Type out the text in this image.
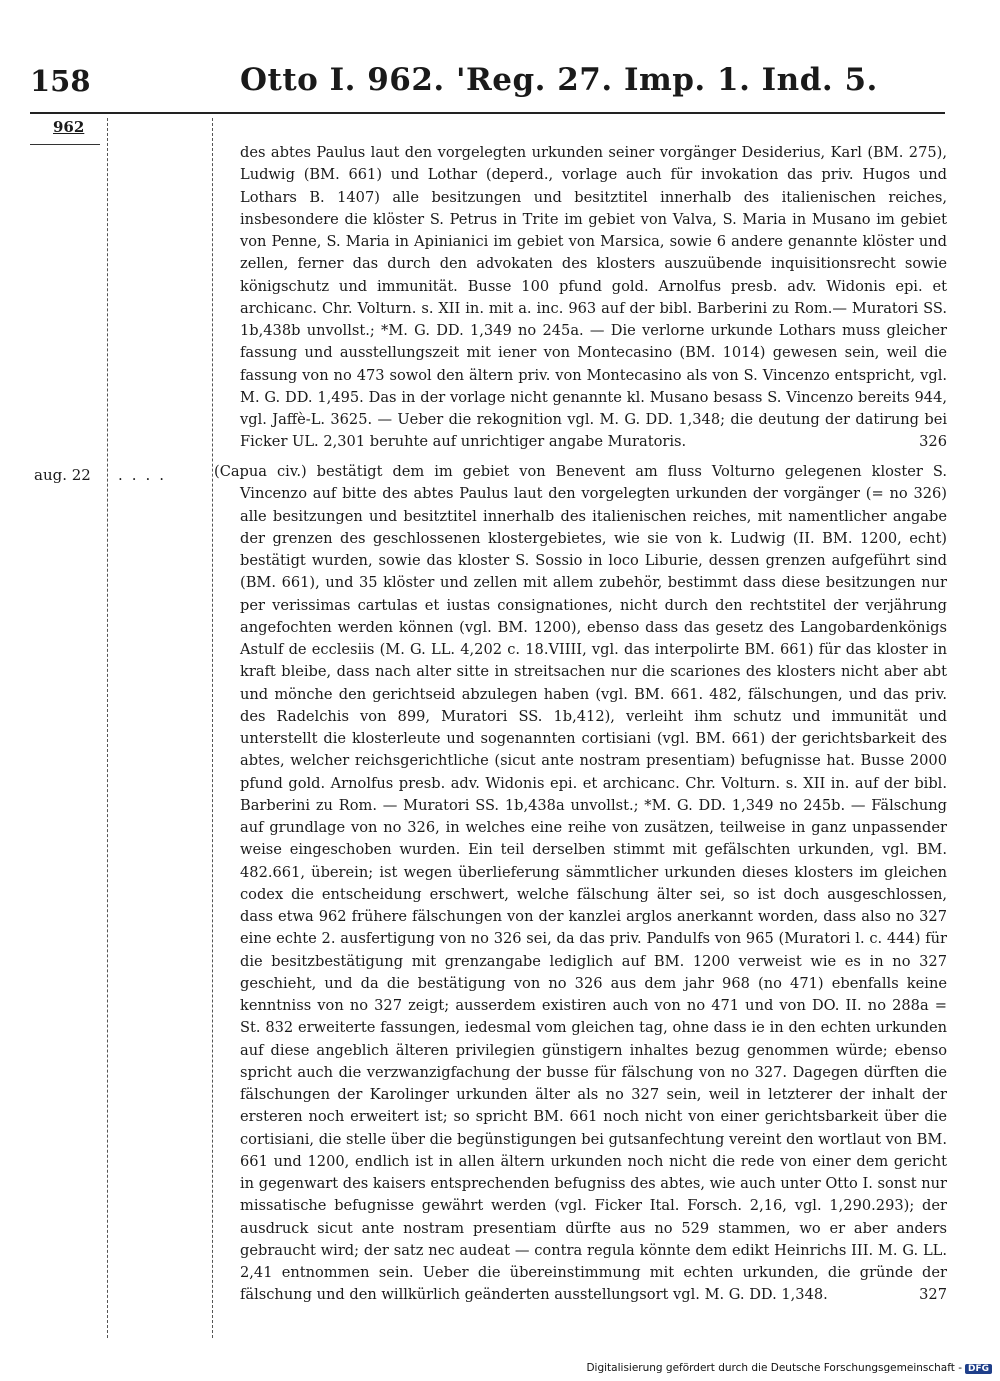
158	Otto I. 962. 'Reg. 27. Imp. 1. Ind. 5.
962
aug. 22 ....

des abtes Paulus laut den vorgelegten urkunden seiner vorgänger Desiderius, Karl (BM. 275), Ludwig (BM. 661) und Lothar (deperd., vorlage auch für invokation das priv. Hugos und Lothars B. 1407) alle besitzungen und besitztitel innerhalb des italienischen reiches, insbesondere die klöster S. Petrus in Trite im gebiet von Valva, S. Maria in Musano im gebiet von Penne, S. Maria in Apinianici im gebiet von Marsica, sowie 6 andere genannte klöster und zellen, ferner das durch den advokaten des klosters auszuübende inquisitionsrecht sowie königschutz und immunität. Busse 100 pfund gold. Arnolfus presb. adv. Widonis epi. et archicanc. Chr. Volturn. s. XII in. mit a. inc. 963 auf der bibl. Barberini zu Rom.— Muratori SS. 1b,438b unvollst.; *M. G. DD. 1,349 no 245a. — Die verlorne urkunde Lothars muss gleicher fassung und ausstellungszeit mit iener von Montecasino (BM. 1014) gewesen sein, weil die fassung von no 473 sowol den ältern priv. von Montecasino als von S. Vincenzo entspricht, vgl. M. G. DD. 1,495. Das in der vorlage nicht genannte kl. Musano besass S. Vincenzo bereits 944, vgl. Jaffè-L. 3625. — Ueber die rekognition vgl. M. G. DD. 1,348; die deutung der datirung bei Ficker UL. 2,301 beruhte auf unrichtiger angabe Muratoris.	326

(Capua civ.) bestätigt dem im gebiet von Benevent am fluss Volturno gelegenen kloster S. Vincenzo auf bitte des abtes Paulus laut den vorgelegten urkunden der vorgänger (= no 326) alle besitzungen und besitztitel innerhalb des italienischen reiches, mit namentlicher angabe der grenzen des geschlossenen klostergebietes, wie sie von k. Ludwig (II. BM. 1200, echt) bestätigt wurden, sowie das kloster S. Sossio in loco Liburie, dessen grenzen aufgeführt sind (BM. 661), und 35 klöster und zellen mit allem zubehör, bestimmt dass diese besitzungen nur per verissimas cartulas et iustas consignationes, nicht durch den rechtstitel der verjährung angefochten werden können (vgl. BM. 1200), ebenso dass das gesetz des Langobardenkönigs Astulf de ecclesiis (M. G. LL. 4,202 c. 18.VIIII, vgl. das interpolirte BM. 661) für das kloster in kraft bleibe, dass nach alter sitte in streitsachen nur die scariones des klosters nicht aber abt und mönche den gerichtseid abzulegen haben (vgl. BM. 661. 482, fälschungen, und das priv. des Radelchis von 899, Muratori SS. 1b,412), verleiht ihm schutz und immunität und unterstellt die klosterleute und sogenannten cortisiani (vgl. BM. 661) der gerichtsbarkeit des abtes, welcher reichsgerichtliche (sicut ante nostram presentiam) befugnisse hat. Busse 2000 pfund gold. Arnolfus presb. adv. Widonis epi. et archicanc. Chr. Volturn. s. XII in. auf der bibl. Barberini zu Rom. — Muratori SS. 1b,438a unvollst.; *M. G. DD. 1,349 no 245b. — Fälschung auf grundlage von no 326, in welches eine reihe von zusätzen, teilweise in ganz unpassender weise eingeschoben wurden. Ein teil derselben stimmt mit gefälschten urkunden, vgl. BM. 482.661, überein; ist wegen überlieferung sämmtlicher urkunden dieses klosters im gleichen codex die entscheidung erschwert, welche fälschung älter sei, so ist doch ausgeschlossen, dass etwa 962 frühere fälschungen von der kanzlei arglos anerkannt worden, dass also no 327 eine echte 2. ausfertigung von no 326 sei, da das priv. Pandulfs von 965 (Muratori l. c. 444) für die besitzbestätigung mit grenzangabe lediglich auf BM. 1200 verweist wie es in no 327 geschieht, und da die bestätigung von no 326 aus dem jahr 968 (no 471) ebenfalls keine kenntniss von no 327 zeigt; ausserdem existiren auch von no 471 und von DO. II. no 288a = St. 832 erweiterte fassungen, iedesmal vom gleichen tag, ohne dass ie in den echten urkunden auf diese angeblich älteren privilegien günstigern inhaltes bezug genommen würde; ebenso spricht auch die verzwanzigfachung der busse für fälschung von no 327. Dagegen dürften die fälschungen der Karolinger urkunden älter als no 327 sein, weil in letzterer der inhalt der ersteren noch erweitert ist; so spricht BM. 661 noch nicht von einer gerichtsbarkeit über die cortisiani, die stelle über die begünstigungen bei gutsanfechtung vereint den wortlaut von BM. 661 und 1200, endlich ist in allen ältern urkunden noch nicht die rede von einer dem gericht in gegenwart des kaisers entsprechenden befugniss des abtes, wie auch unter Otto I. sonst nur missatische befugnisse gewährt werden (vgl. Ficker Ital. Forsch. 2,16, vgl. 1,290.293); der ausdruck sicut ante nostram presentiam dürfte aus no 529 stammen, wo er aber anders gebraucht wird; der satz nec audeat — contra regula könnte dem edikt Heinrichs III. M. G. LL. 2,41 entnommen sein. Ueber die übereinstimmung mit echten urkunden, die gründe der fälschung und den willkürlich geänderten ausstellungsort vgl. M. G. DD. 1,348.	327

Digitalisierung gefördert durch die Deutsche Forschungsgemeinschaft - DFG
